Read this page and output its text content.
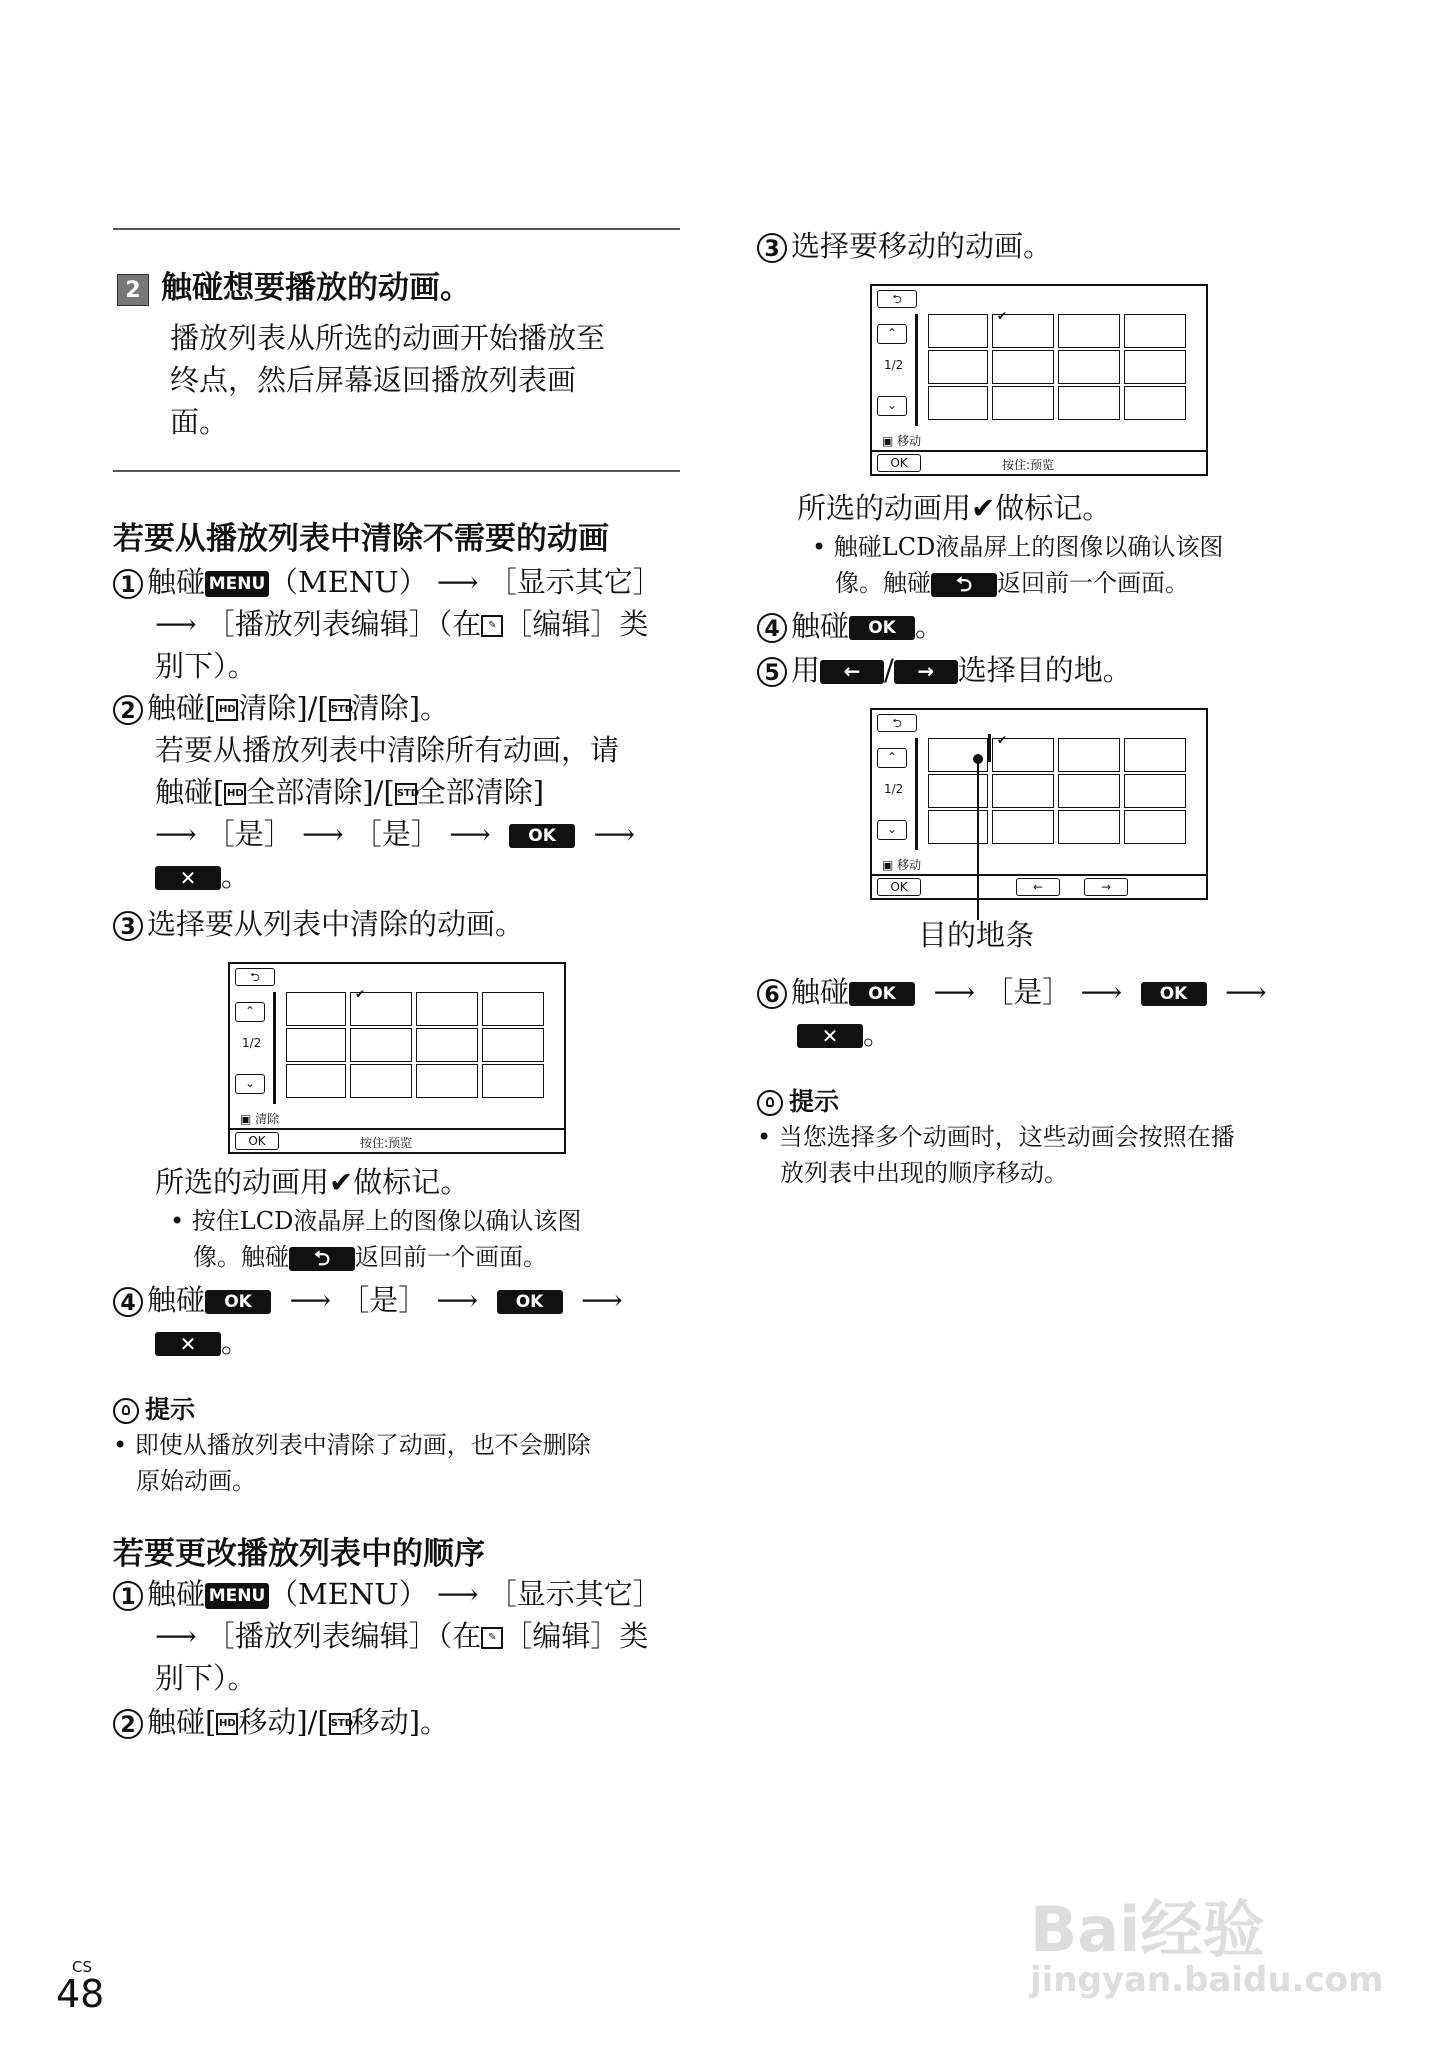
2 触碰想要播放的动画。
播放列表从所选的动画开始播放至
终点，然后屏幕返回播放列表画
面。
若要从播放列表中清除不需要的动画
1 触碰 MENU （MENU） ⟶ ［显示其它］
⟶ ［播放列表编辑］（在 ✎ ［编辑］类
别下）。
2 触碰[ HD清除]/[ STD清除]。
若要从播放列表中清除所有动画，请
触碰[ HD全部清除]/[ STD全部清除]
⟶ ［是］ ⟶ ［是］ ⟶ OK ⟶
✕ 。
3 选择要从列表中清除的动画。
⮌
⌃
1/2
⌄
✔
▣ 清除
OK	按住:预览
所选的动画用✔做标记。
• 按住LCD液晶屏上的图像以确认该图
像。触碰 ⮌ 返回前一个画面。
4 触碰 OK ⟶ ［是］ ⟶ OK ⟶
✕ 。
提示
• 即使从播放列表中清除了动画，也不会删除
原始动画。
若要更改播放列表中的顺序
1 触碰 MENU （MENU） ⟶ ［显示其它］
⟶ ［播放列表编辑］（在 ✎ ［编辑］类
别下）。
2 触碰[ HD移动]/[ STD移动]。
CS
48
3 选择要移动的动画。
⮌
⌃
1/2
⌄
✔
▣ 移动
OK	按住:预览
所选的动画用✔做标记。
• 触碰LCD液晶屏上的图像以确认该图
像。触碰 ⮌ 返回前一个画面。
4 触碰 OK 。
5 用 ← / → 选择目的地。
⮌
⌃
1/2
⌄
✔
▣ 移动
OK	←	→
目的地条
6 触碰 OK ⟶ ［是］ ⟶ OK ⟶
✕ 。
提示
• 当您选择多个动画时，这些动画会按照在播
放列表中出现的顺序移动。
Bai经验
jingyan.baidu.com
